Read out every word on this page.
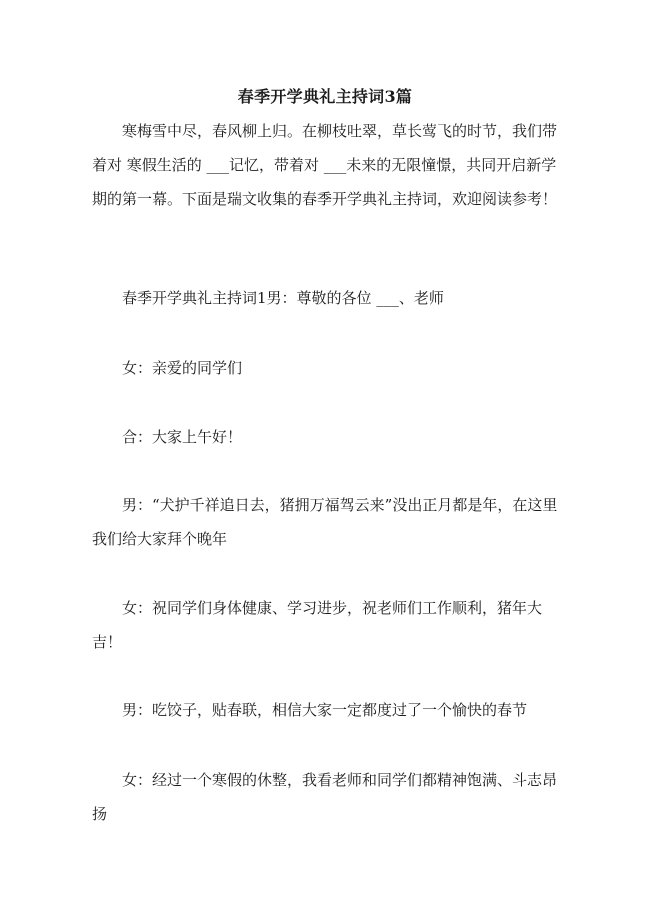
春季开学典礼主持词3篇

寒梅雪中尽，春风柳上归。在柳枝吐翠，草长莺飞的时节，我们带着对 寒假生活的 ___记忆，带着对 ___未来的无限憧憬，共同开启新学期的第一幕。下面是瑞文收集的春季开学典礼主持词，欢迎阅读参考！

春季开学典礼主持词1男：尊敬的各位 ___、老师

女：亲爱的同学们

合：大家上午好！

男：“犬护千祥追日去，猪拥万福驾云来”没出正月都是年，在这里我们给大家拜个晚年

女：祝同学们身体健康、学习进步，祝老师们工作顺利，猪年大吉！

男：吃饺子，贴春联，相信大家一定都度过了一个愉快的春节

女：经过一个寒假的休整，我看老师和同学们都精神饱满、斗志昂扬
